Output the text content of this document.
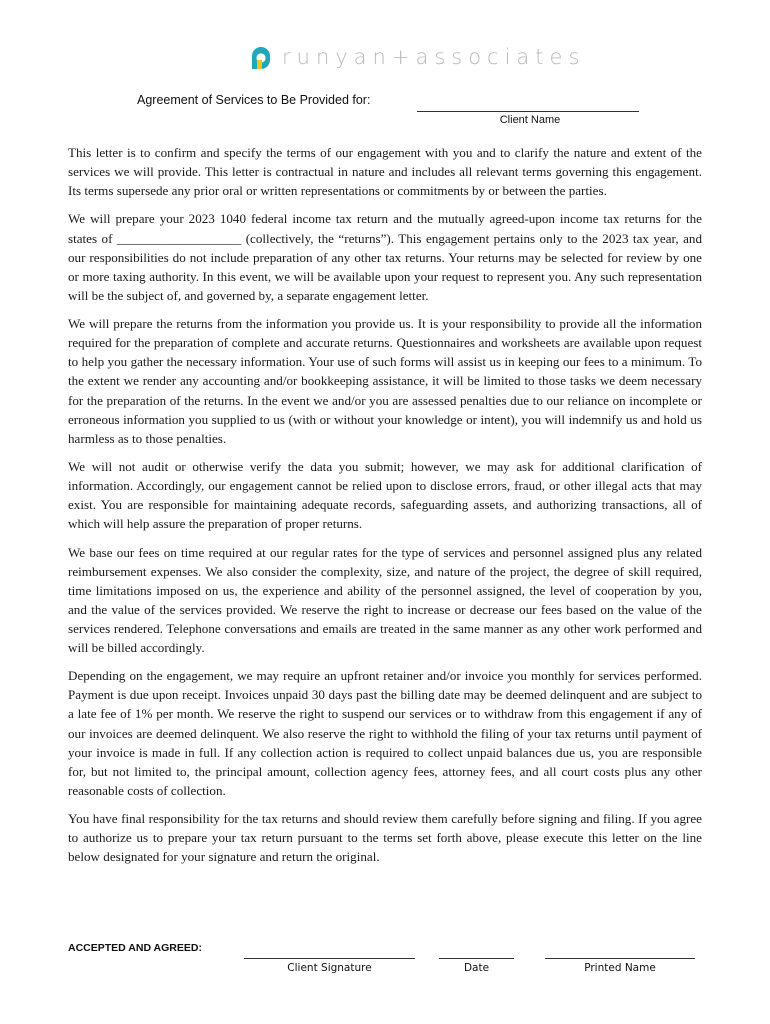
runyan+associates
Agreement of Services to Be Provided for:
Client Name

This letter is to confirm and specify the terms of our engagement with you and to clarify the nature and extent of the services we will provide. This letter is contractual in nature and includes all relevant terms governing this engagement. Its terms supersede any prior oral or written representations or commitments by or between the parties.

We will prepare your 2023 1040 federal income tax return and the mutually agreed-upon income tax returns for the states of ___________________ (collectively, the “returns”). This engagement pertains only to the 2023 tax year, and our responsibilities do not include preparation of any other tax returns. Your returns may be selected for review by one or more taxing authority. In this event, we will be available upon your request to represent you. Any such representation will be the subject of, and governed by, a separate engagement letter.

We will prepare the returns from the information you provide us. It is your responsibility to provide all the information required for the preparation of complete and accurate returns. Questionnaires and worksheets are available upon request to help you gather the necessary information. Your use of such forms will assist us in keeping our fees to a minimum. To the extent we render any accounting and/or bookkeeping assistance, it will be limited to those tasks we deem necessary for the preparation of the returns. In the event we and/or you are assessed penalties due to our reliance on incomplete or erroneous information you supplied to us (with or without your knowledge or intent), you will indemnify us and hold us harmless as to those penalties.

We will not audit or otherwise verify the data you submit; however, we may ask for additional clarification of information. Accordingly, our engagement cannot be relied upon to disclose errors, fraud, or other illegal acts that may exist. You are responsible for maintaining adequate records, safeguarding assets, and authorizing transactions, all of which will help assure the preparation of proper returns.

We base our fees on time required at our regular rates for the type of services and personnel assigned plus any related reimbursement expenses. We also consider the complexity, size, and nature of the project, the degree of skill required, time limitations imposed on us, the experience and ability of the personnel assigned, the level of cooperation by you, and the value of the services provided. We reserve the right to increase or decrease our fees based on the value of the services rendered. Telephone conversations and emails are treated in the same manner as any other work performed and will be billed accordingly.

Depending on the engagement, we may require an upfront retainer and/or invoice you monthly for services performed. Payment is due upon receipt. Invoices unpaid 30 days past the billing date may be deemed delinquent and are subject to a late fee of 1% per month. We reserve the right to suspend our services or to withdraw from this engagement if any of our invoices are deemed delinquent. We also reserve the right to withhold the filing of your tax returns until payment of your invoice is made in full. If any collection action is required to collect unpaid balances due us, you are responsible for, but not limited to, the principal amount, collection agency fees, attorney fees, and all court costs plus any other reasonable costs of collection.

You have final responsibility for the tax returns and should review them carefully before signing and filing. If you agree to authorize us to prepare your tax return pursuant to the terms set forth above, please execute this letter on the line below designated for your signature and return the original.

ACCEPTED AND AGREED:
Client Signature	Date	Printed Name
